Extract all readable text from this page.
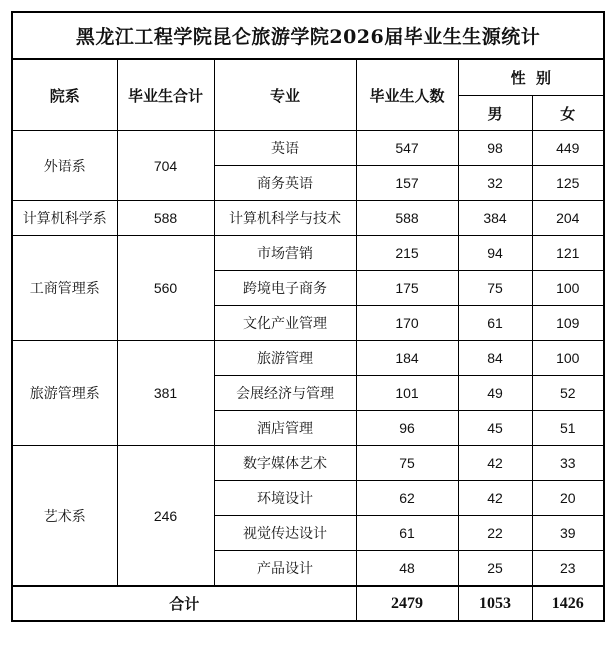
黑龙江工程学院昆仑旅游学院2026届毕业生生源统计					
院系	毕业生合计	专业	毕业生人数	性  别	
				男	女
外语系	704	英语	547	98	449
		商务英语	157	32	125
计算机科学系	588	计算机科学与技术	588	384	204
工商管理系	560	市场营销	215	94	121
		跨境电子商务	175	75	100
		文化产业管理	170	61	109
旅游管理系	381	旅游管理	184	84	100
		会展经济与管理	101	49	52
		酒店管理	96	45	51
艺术系	246	数字媒体艺术	75	42	33
		环境设计	62	42	20
		视觉传达设计	61	22	39
		产品设计	48	25	23
合计			2479	1053	1426
